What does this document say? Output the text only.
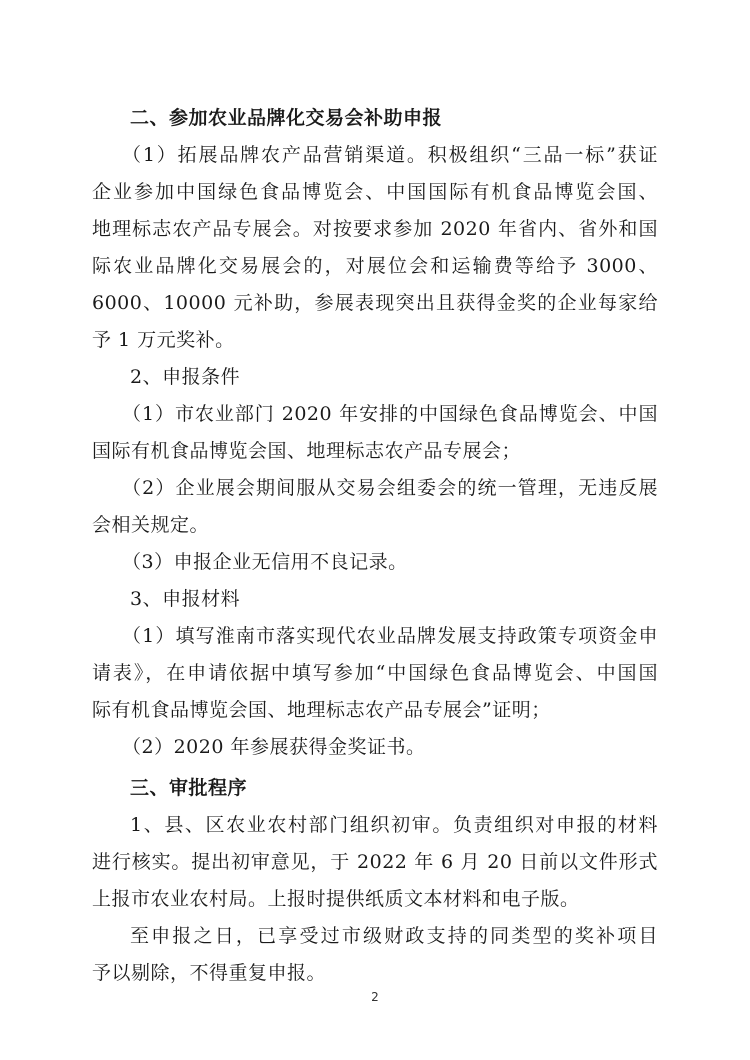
二、参加农业品牌化交易会补助申报
（1）拓展品牌农产品营销渠道。积极组织“三品一标”获证
企业参加中国绿色食品博览会、中国国际有机食品博览会国、
地理标志农产品专展会。对按要求参加 2020 年省内、省外和国
际农业品牌化交易展会的，对展位会和运输费等给予 3000、
6000、10000 元补助，参展表现突出且获得金奖的企业每家给
予 1 万元奖补。
2、申报条件
（1）市农业部门 2020 年安排的中国绿色食品博览会、中国
国际有机食品博览会国、地理标志农产品专展会；
（2）企业展会期间服从交易会组委会的统一管理，无违反展
会相关规定。
（3）申报企业无信用不良记录。
3、申报材料
（1）填写淮南市落实现代农业品牌发展支持政策专项资金申
请表》，在申请依据中填写参加“中国绿色食品博览会、中国国
际有机食品博览会国、地理标志农产品专展会”证明；
（2）2020 年参展获得金奖证书。
三、审批程序
1、县、区农业农村部门组织初审。负责组织对申报的材料
进行核实。提出初审意见，于 2022 年 6 月 20 日前以文件形式
上报市农业农村局。上报时提供纸质文本材料和电子版。
至申报之日，已享受过市级财政支持的同类型的奖补项目
予以剔除，不得重复申报。
2
